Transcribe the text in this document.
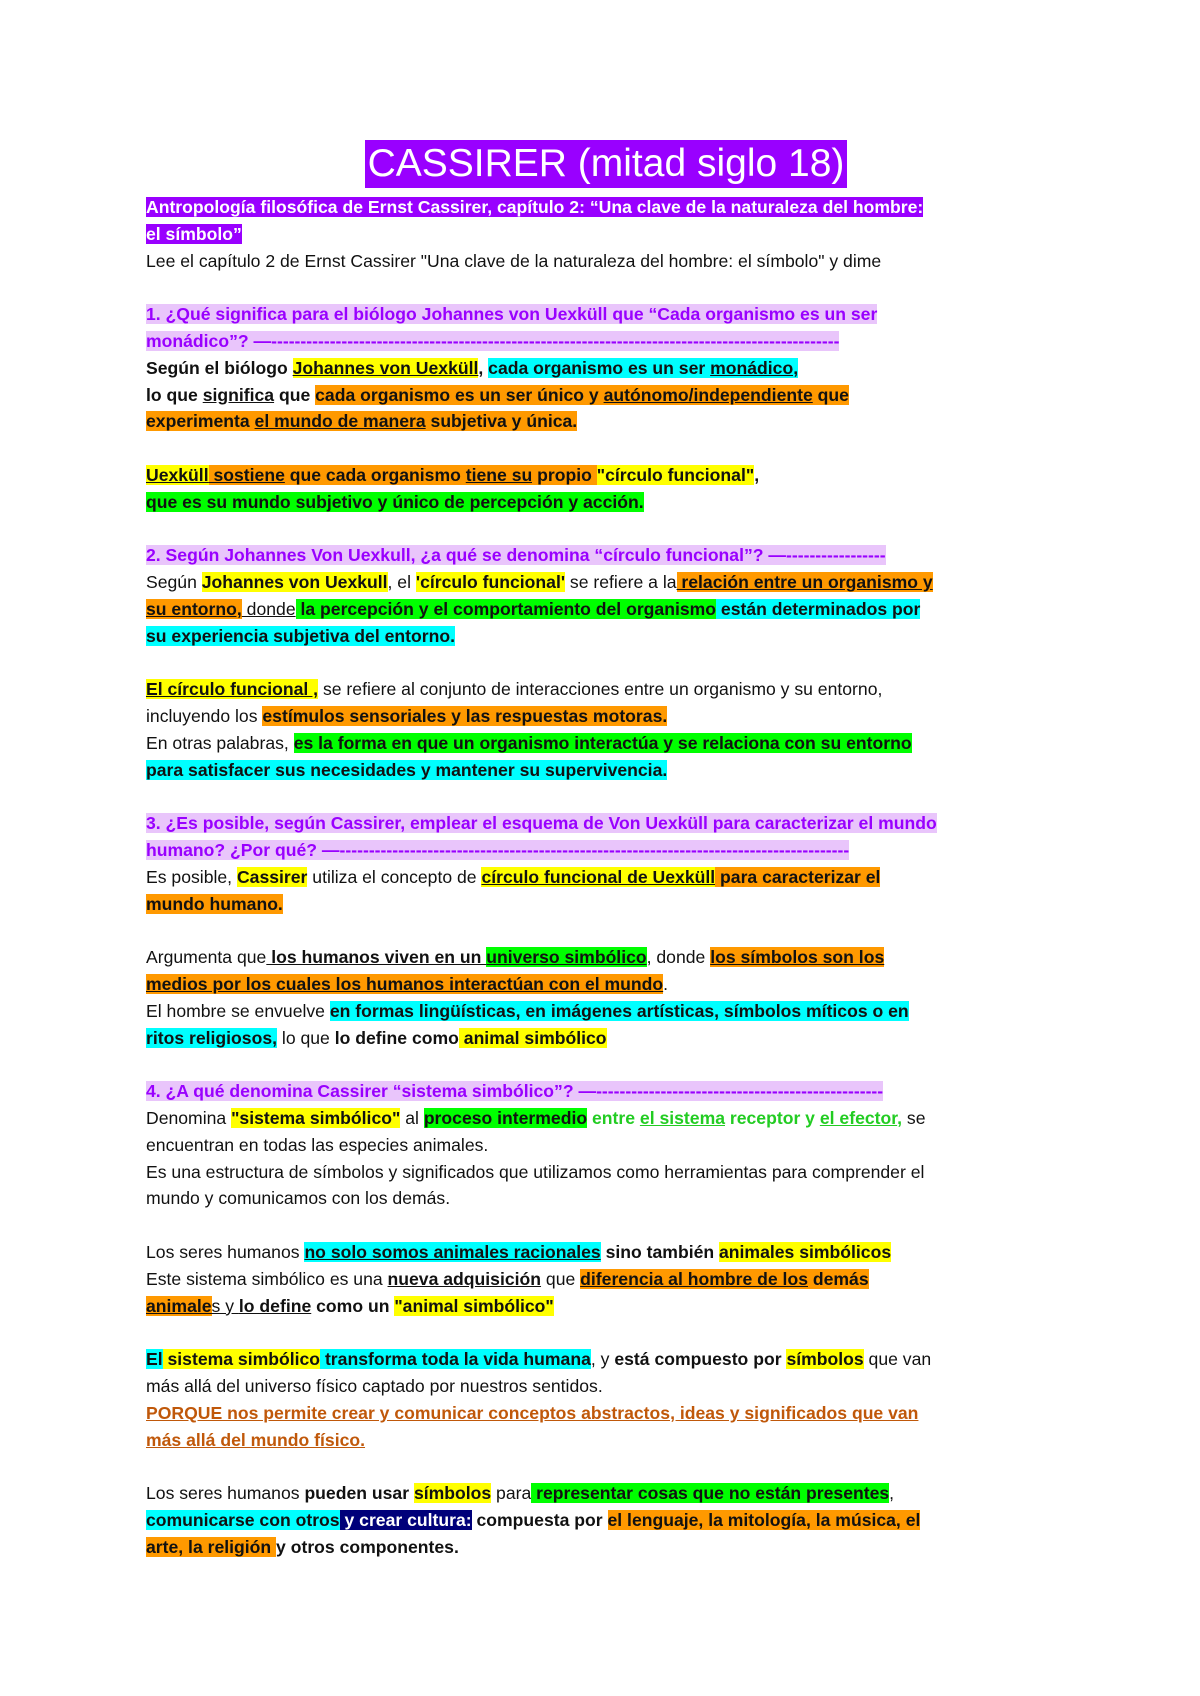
CASSIRER (mitad siglo 18)

Antropología filosófica de Ernst Cassirer, capítulo 2: “Una clave de la naturaleza del hombre:

el símbolo”

Lee el capítulo 2 de Ernst Cassirer "Una clave de la naturaleza del hombre: el símbolo" y dime

1. ¿Qué significa para el biólogo Johannes von Uexküll que “Cada organismo es un ser

monádico”? —-------------------------------------------------------------------------------------------------

Según el biólogo Johannes von Uexküll, cada organismo es un ser monádico,

lo que significa que cada organismo es un ser único y autónomo/independiente que

experimenta el mundo de manera subjetiva y única.

Uexküll sostiene que cada organismo tiene su propio "círculo funcional",

que es su mundo subjetivo y único de percepción y acción.

2. Según Johannes Von Uexkull, ¿a qué se denomina “círculo funcional”? —-----------------

Según Johannes von Uexkull, el 'círculo funcional' se refiere a la relación entre un organismo y

su entorno, donde la percepción y el comportamiento del organismo están determinados por

su experiencia subjetiva del entorno.

El círculo funcional , se refiere al conjunto de interacciones entre un organismo y su entorno,

incluyendo los estímulos sensoriales y las respuestas motoras.

En otras palabras, es la forma en que un organismo interactúa y se relaciona con su entorno

para satisfacer sus necesidades y mantener su supervivencia.

3. ¿Es posible, según Cassirer, emplear el esquema de Von Uexküll para caracterizar el mundo

humano? ¿Por qué? —---------------------------------------------------------------------------------------

Es posible, Cassirer utiliza el concepto de círculo funcional de Uexküll para caracterizar el

mundo humano.

Argumenta que los humanos viven en un universo simbólico, donde los símbolos son los

medios por los cuales los humanos interactúan con el mundo.

El hombre se envuelve en formas lingüísticas, en imágenes artísticas, símbolos míticos o en

ritos religiosos, lo que lo define como animal simbólico

4. ¿A qué denomina Cassirer “sistema simbólico”? —-------------------------------------------------

Denomina "sistema simbólico" al proceso intermedio entre el sistema receptor y el efector, se

encuentran en todas las especies animales.

Es una estructura de símbolos y significados que utilizamos como herramientas para comprender el

mundo y comunicamos con los demás.

Los seres humanos no solo somos animales racionales sino también animales simbólicos

Este sistema simbólico es una nueva adquisición que diferencia al hombre de los demás

animales y lo define como un "animal simbólico"

El sistema simbólico transforma toda la vida humana, y está compuesto por símbolos que van

más allá del universo físico captado por nuestros sentidos.

PORQUE nos permite crear y comunicar conceptos abstractos, ideas y significados que van

más allá del mundo físico.

Los seres humanos pueden usar símbolos para representar cosas que no están presentes,

comunicarse con otros y crear cultura: compuesta por el lenguaje, la mitología, la música, el

arte, la religión y otros componentes.
